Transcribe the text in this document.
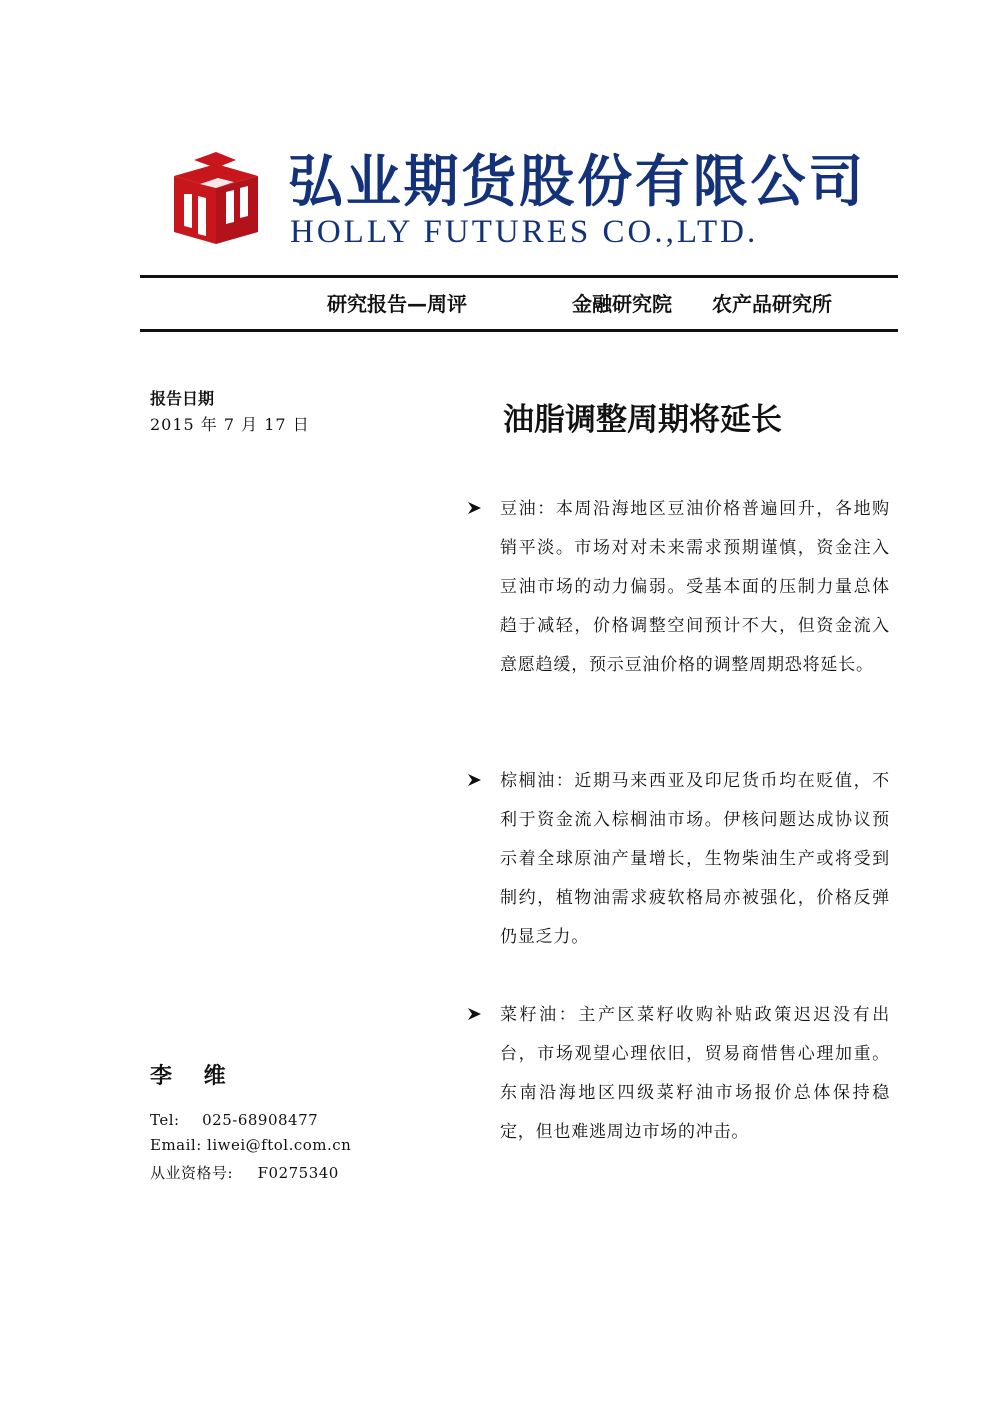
弘业期货股份有限公司
HOLLY FUTURES CO.,LTD.
研究报告—周评	金融研究院 农产品研究所
报告日期
2015 年 7 月 17 日	油脂调整周期将延长
豆油：本周沿海地区豆油价格普遍回升，各地购销平淡。市场对对未来需求预期谨慎，资金注入豆油市场的动力偏弱。受基本面的压制力量总体趋于减轻，价格调整空间预计不大，但资金流入意愿趋缓，预示豆油价格的调整周期恐将延长。
棕榈油：近期马来西亚及印尼货币均在贬值，不利于资金流入棕榈油市场。伊核问题达成协议预示着全球原油产量增长，生物柴油生产或将受到制约，植物油需求疲软格局亦被强化，价格反弹仍显乏力。
菜籽油：主产区菜籽收购补贴政策迟迟没有出台，市场观望心理依旧，贸易商惜售心理加重。东南沿海地区四级菜籽油市场报价总体保持稳定，但也难逃周边市场的冲击。
李 维
Tel: 025-68908477
Email: liwei@ftol.com.cn
从业资格号: F0275340
